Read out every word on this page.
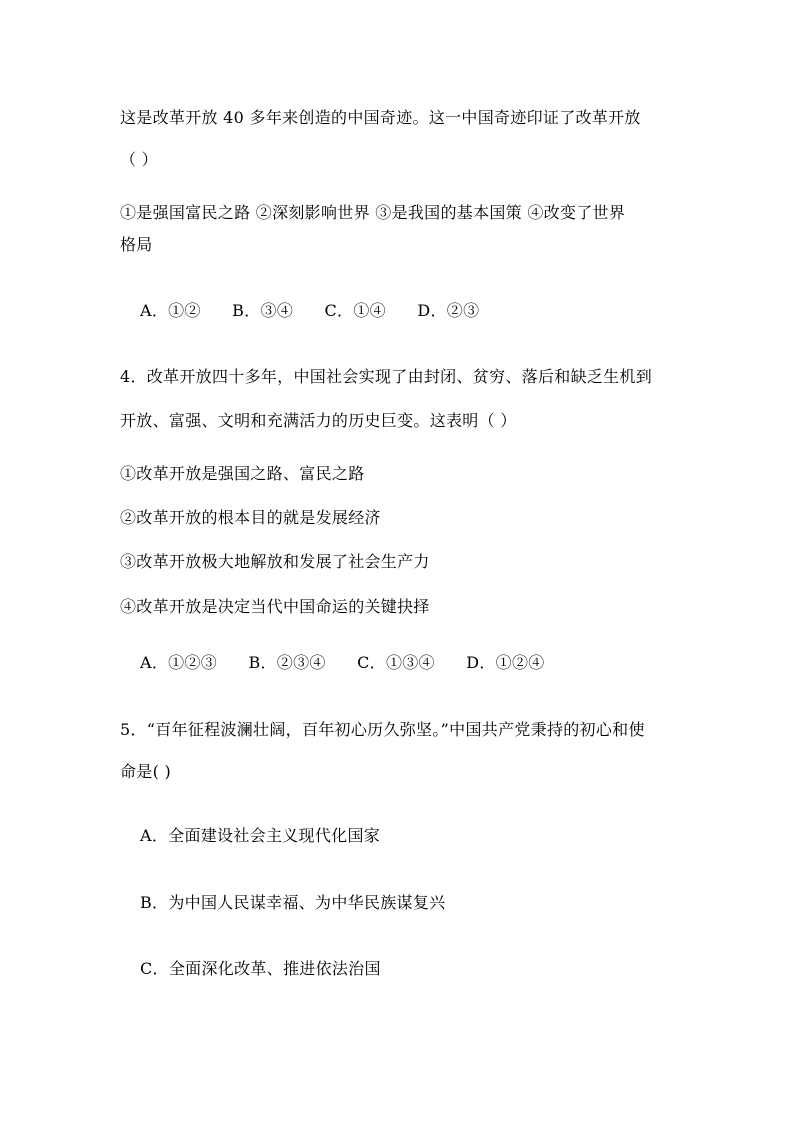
这是改革开放 40 多年来创造的中国奇迹。这一中国奇迹印证了改革开放
（ ）
①是强国富民之路 ②深刻影响世界 ③是我国的基本国策 ④改变了世界
格局
A．①② B．③④ C．①④ D．②③
4．改革开放四十多年，中国社会实现了由封闭、贫穷、落后和缺乏生机到
开放、富强、文明和充满活力的历史巨变。这表明（ ）
①改革开放是强国之路、富民之路
②改革开放的根本目的就是发展经济
③改革开放极大地解放和发展了社会生产力
④改革开放是决定当代中国命运的关键抉择
A．①②③ B．②③④ C．①③④ D．①②④
5．“百年征程波澜壮阔，百年初心历久弥坚。”中国共产党秉持的初心和使
命是( )
A．全面建设社会主义现代化国家
B．为中国人民谋幸福、为中华民族谋复兴
C．全面深化改革、推进依法治国
